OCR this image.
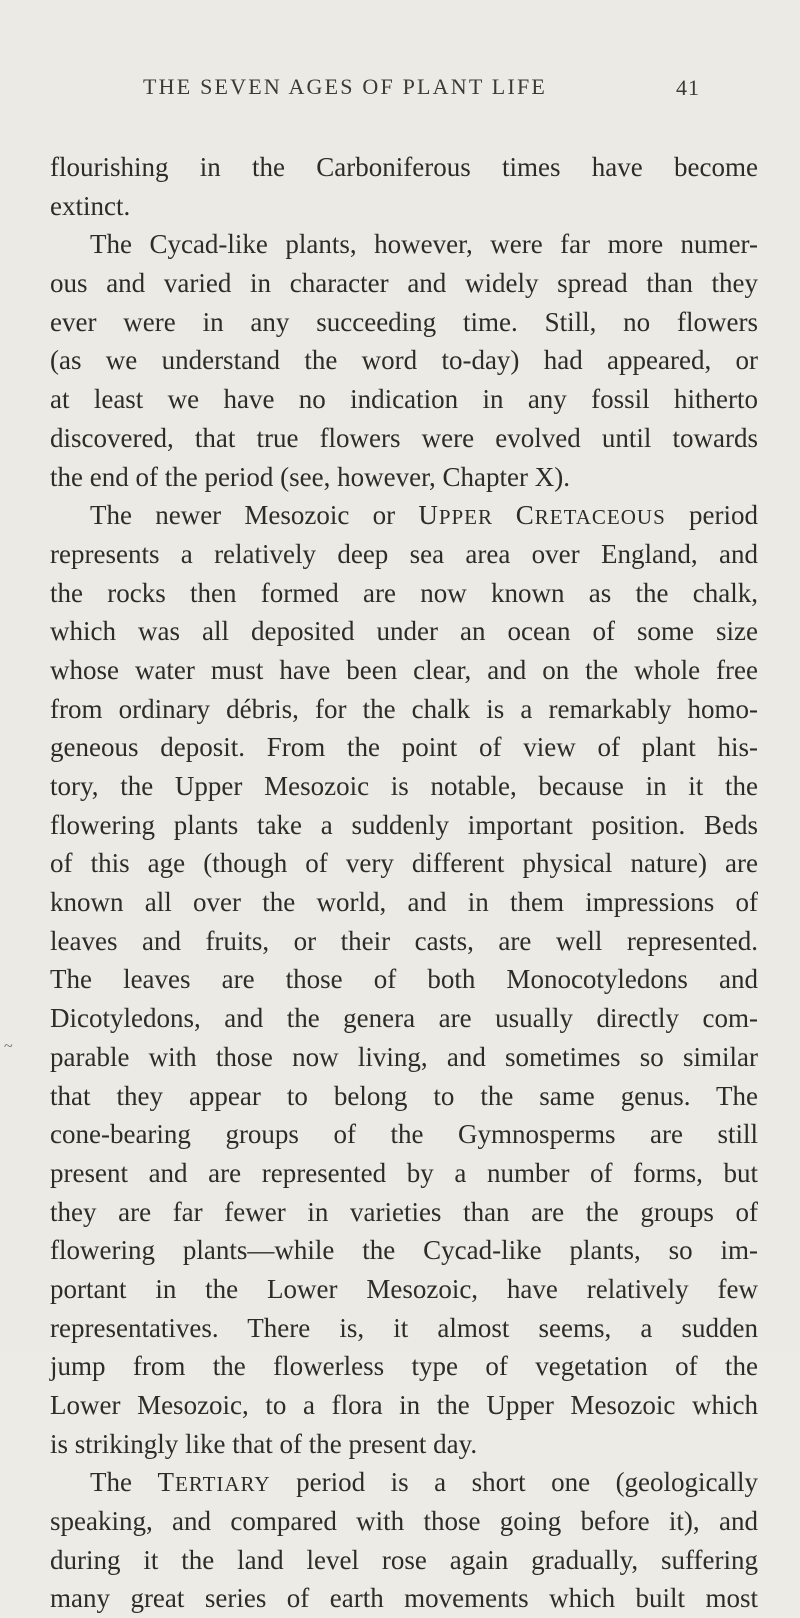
THE SEVEN AGES OF PLANT LIFE	41
~
flourishing in the Carboniferous times have become
extinct.
The Cycad-like plants, however, were far more numer-
ous and varied in character and widely spread than they
ever were in any succeeding time. Still, no flowers
(as we understand the word to-day) had appeared, or
at least we have no indication in any fossil hitherto
discovered, that true flowers were evolved until towards
the end of the period (see, however, Chapter X).
The newer Mesozoic or UPPER CRETACEOUS period
represents a relatively deep sea area over England, and
the rocks then formed are now known as the chalk,
which was all deposited under an ocean of some size
whose water must have been clear, and on the whole free
from ordinary débris, for the chalk is a remarkably homo-
geneous deposit. From the point of view of plant his-
tory, the Upper Mesozoic is notable, because in it the
flowering plants take a suddenly important position. Beds
of this age (though of very different physical nature) are
known all over the world, and in them impressions of
leaves and fruits, or their casts, are well represented.
The leaves are those of both Monocotyledons and
Dicotyledons, and the genera are usually directly com-
parable with those now living, and sometimes so similar
that they appear to belong to the same genus. The
cone-bearing groups of the Gymnosperms are still
present and are represented by a number of forms, but
they are far fewer in varieties than are the groups of
flowering plants—while the Cycad-like plants, so im-
portant in the Lower Mesozoic, have relatively few
representatives. There is, it almost seems, a sudden
jump from the flowerless type of vegetation of the
Lower Mesozoic, to a flora in the Upper Mesozoic which
is strikingly like that of the present day.
The TERTIARY period is a short one (geologically
speaking, and compared with those going before it), and
during it the land level rose again gradually, suffering
many great series of earth movements which built most
